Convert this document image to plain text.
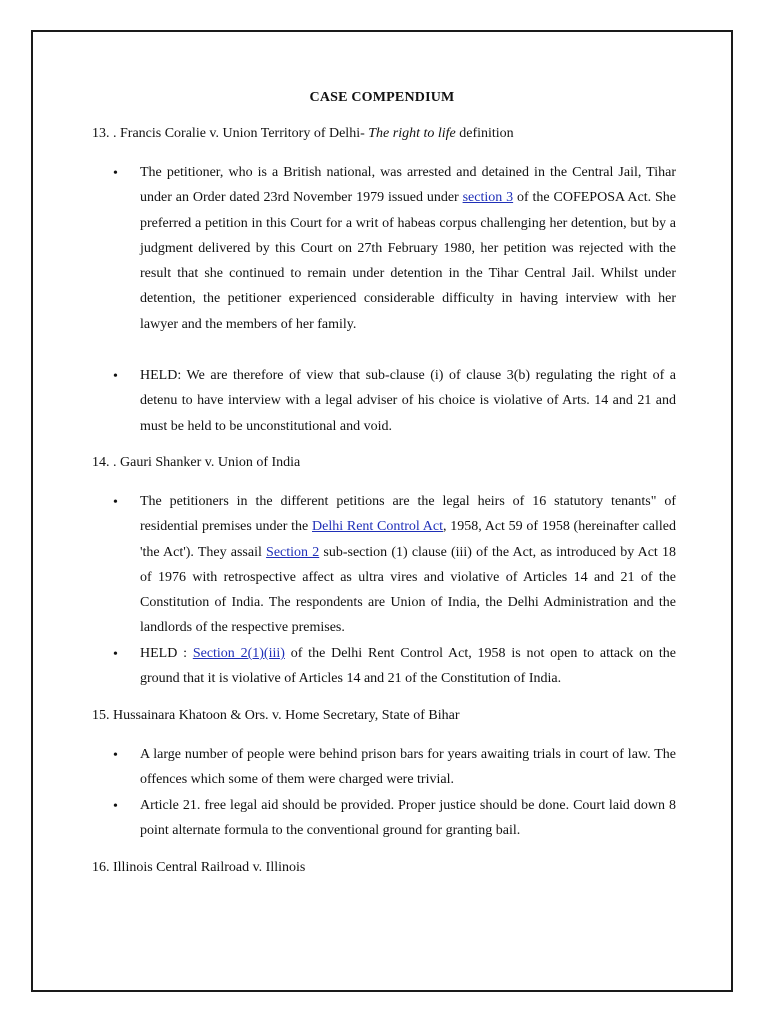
CASE COMPENDIUM
13. . Francis Coralie v. Union Territory of Delhi- The right to life definition
•	The petitioner, who is a British national, was arrested and detained in the Central Jail, Tihar under an Order dated 23rd November 1979 issued under section 3 of the COFEPOSA Act. She preferred a petition in this Court for a writ of habeas corpus challenging her detention, but by a judgment delivered by this Court on 27th February 1980, her petition was rejected with the result that she continued to remain under detention in the Tihar Central Jail. Whilst under detention, the petitioner experienced considerable difficulty in having interview with her lawyer and the members of her family.
•	HELD: We are therefore of view that sub-clause (i) of clause 3(b) regulating the right of a detenu to have interview with a legal adviser of his choice is violative of Arts. 14 and 21 and must be held to be unconstitutional and void.
14. . Gauri Shanker v. Union of India
•	The petitioners in the different petitions are the legal heirs of 16 statutory tenants" of residential premises under the Delhi Rent Control Act, 1958, Act 59 of 1958 (hereinafter called 'the Act'). They assail Section 2 sub-section (1) clause (iii) of the Act, as introduced by Act 18 of 1976 with retrospective affect as ultra vires and violative of Articles 14 and 21 of the Constitution of India. The respondents are Union of India, the Delhi Administration and the landlords of the respective premises.
•	HELD : Section 2(1)(iii) of the Delhi Rent Control Act, 1958 is not open to attack on the ground that it is violative of Articles 14 and 21 of the Constitution of India.
15. Hussainara Khatoon & Ors. v. Home Secretary, State of Bihar
•	A large number of people were behind prison bars for years awaiting trials in court of law. The offences which some of them were charged were trivial.
•	Article 21. free legal aid should be provided. Proper justice should be done. Court laid down 8 point alternate formula to the conventional ground for granting bail.
16. Illinois Central Railroad v. Illinois
